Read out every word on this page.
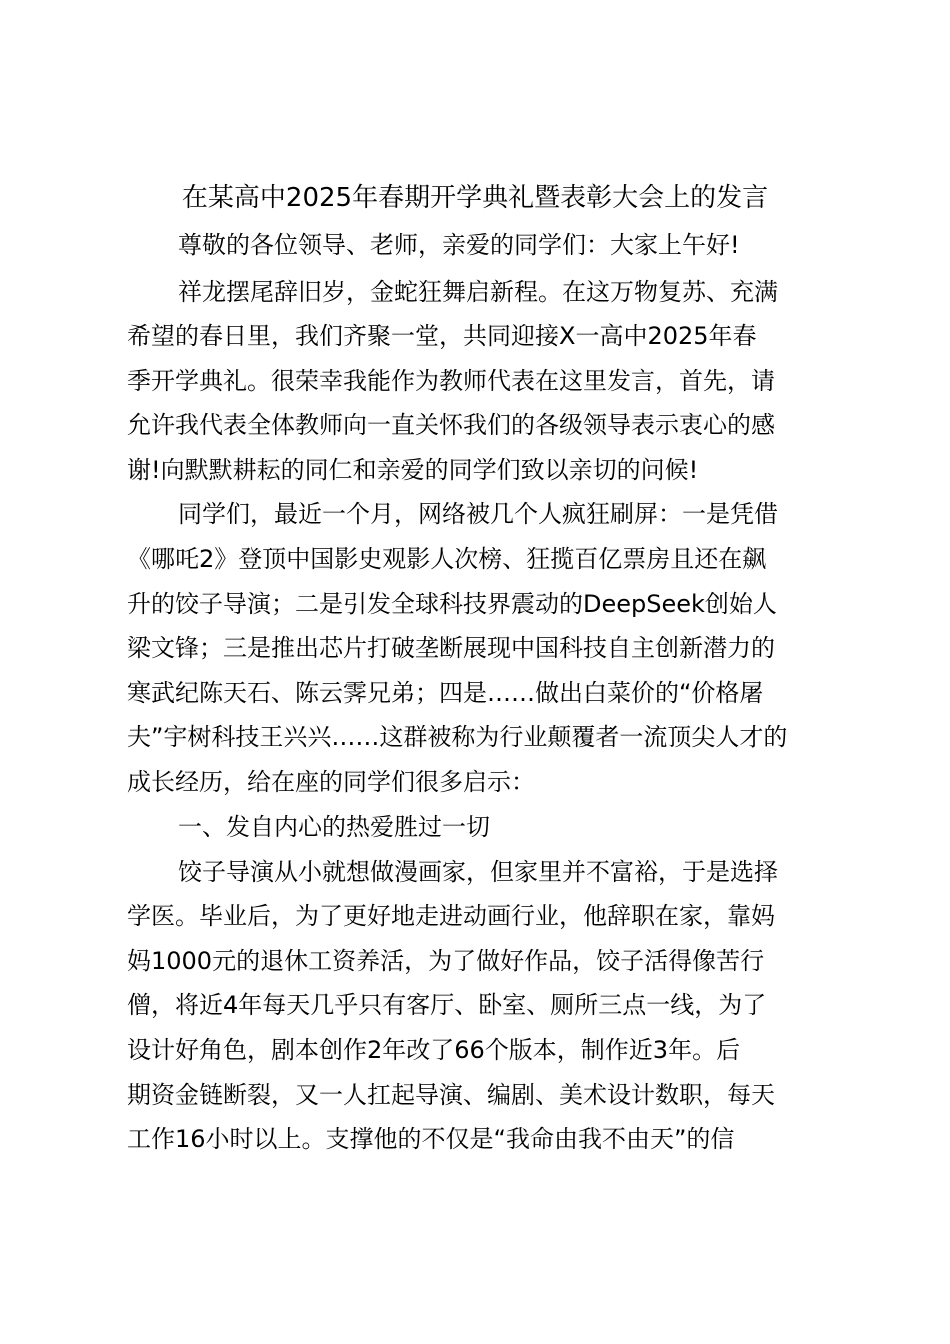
在某高中2025年春期开学典礼暨表彰大会上的发言

尊敬的各位领导、老师，亲爱的同学们：大家上午好!

祥龙摆尾辞旧岁，金蛇狂舞启新程。在这万物复苏、充满

希望的春日里，我们齐聚一堂，共同迎接X一高中2025年春

季开学典礼。很荣幸我能作为教师代表在这里发言，首先，请

允许我代表全体教师向一直关怀我们的各级领导表示衷心的感

谢!向默默耕耘的同仁和亲爱的同学们致以亲切的问候!

同学们，最近一个月，网络被几个人疯狂刷屏：一是凭借

《哪吒2》登顶中国影史观影人次榜、狂揽百亿票房且还在飙

升的饺子导演；二是引发全球科技界震动的DeepSeek创始人

梁文锋；三是推出芯片打破垄断展现中国科技自主创新潜力的

寒武纪陈天石、陈云霁兄弟；四是……做出白菜价的“价格屠

夫”宇树科技王兴兴……这群被称为行业颠覆者一流顶尖人才的

成长经历，给在座的同学们很多启示：

一、发自内心的热爱胜过一切

饺子导演从小就想做漫画家，但家里并不富裕，于是选择

学医。毕业后，为了更好地走进动画行业，他辞职在家，靠妈

妈1000元的退休工资养活，为了做好作品，饺子活得像苦行

僧，将近4年每天几乎只有客厅、卧室、厕所三点一线，为了

设计好角色，剧本创作2年改了66个版本，制作近3年。后

期资金链断裂，又一人扛起导演、编剧、美术设计数职，每天

工作16小时以上。支撑他的不仅是“我命由我不由天”的信
